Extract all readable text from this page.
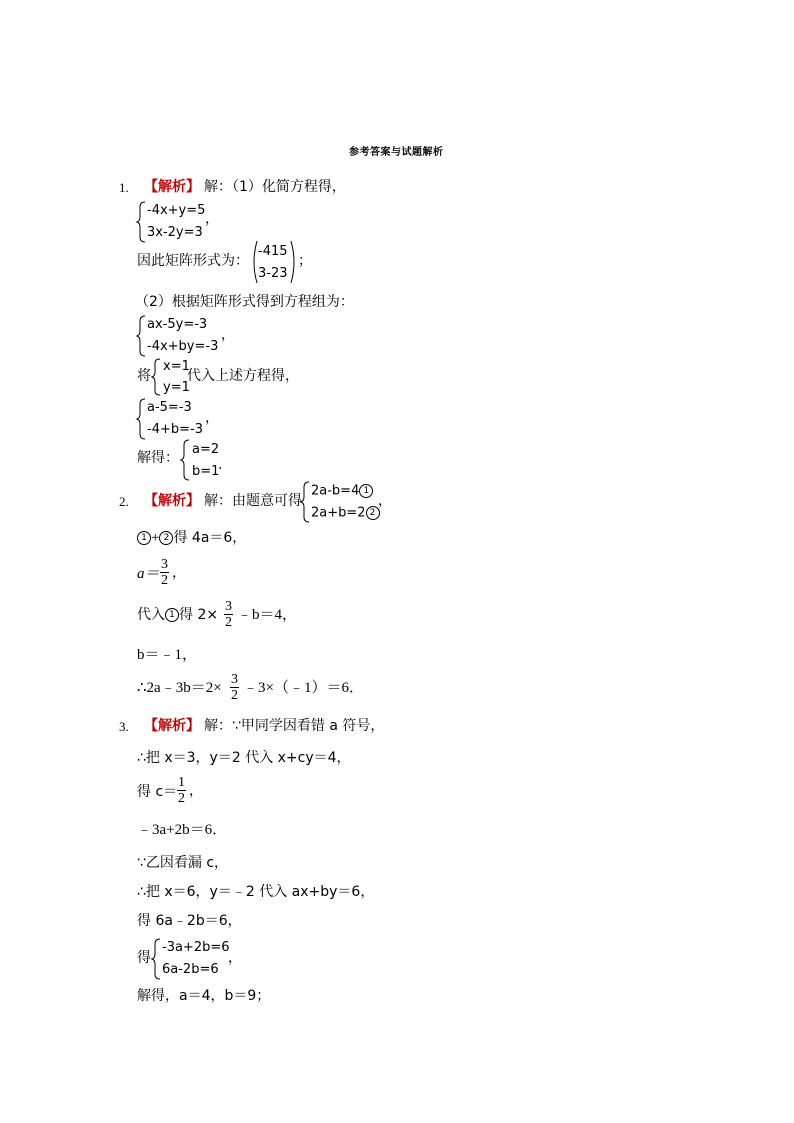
参考答案与试题解析
1. 【解析】 解：（1）化简方程得，
-4x+y=5
3x-2y=3
，
因此矩阵形式为：
-415
3-23
；
（2）根据矩阵形式得到方程组为：
ax-5y=-3
-4x+by=-3
，
将
x=1
y=1
代入上述方程得，
a-5=-3
-4+b=-3
，
解得：
a=2
b=1
.
2. 【解析】 解：由题意可得
2a-b=4 1
2a+b=2 2
，
1 + 2 得 4a＝6，
$a= \frac{3}{2}$ ，
代入 1 得 $2\times \frac{3}{2}$ ﹣b＝4，
b＝﹣1，
∴2a﹣3b＝2× $\frac{3}{2}$ ﹣3×（﹣1）＝6．
3. 【解析】 解：∵甲同学因看错 a 符号，
∴把 x＝3，y＝2 代入 x+cy＝4，
得 $c= \frac{1}{2}$ ，
﹣3a+2b＝6．
∵乙因看漏 c，
∴把 x＝6，y＝﹣2 代入 ax+by＝6，
得 6a﹣2b＝6，
得
-3a+2b=6
6a-2b=6
，
解得，a＝4，b＝9；
